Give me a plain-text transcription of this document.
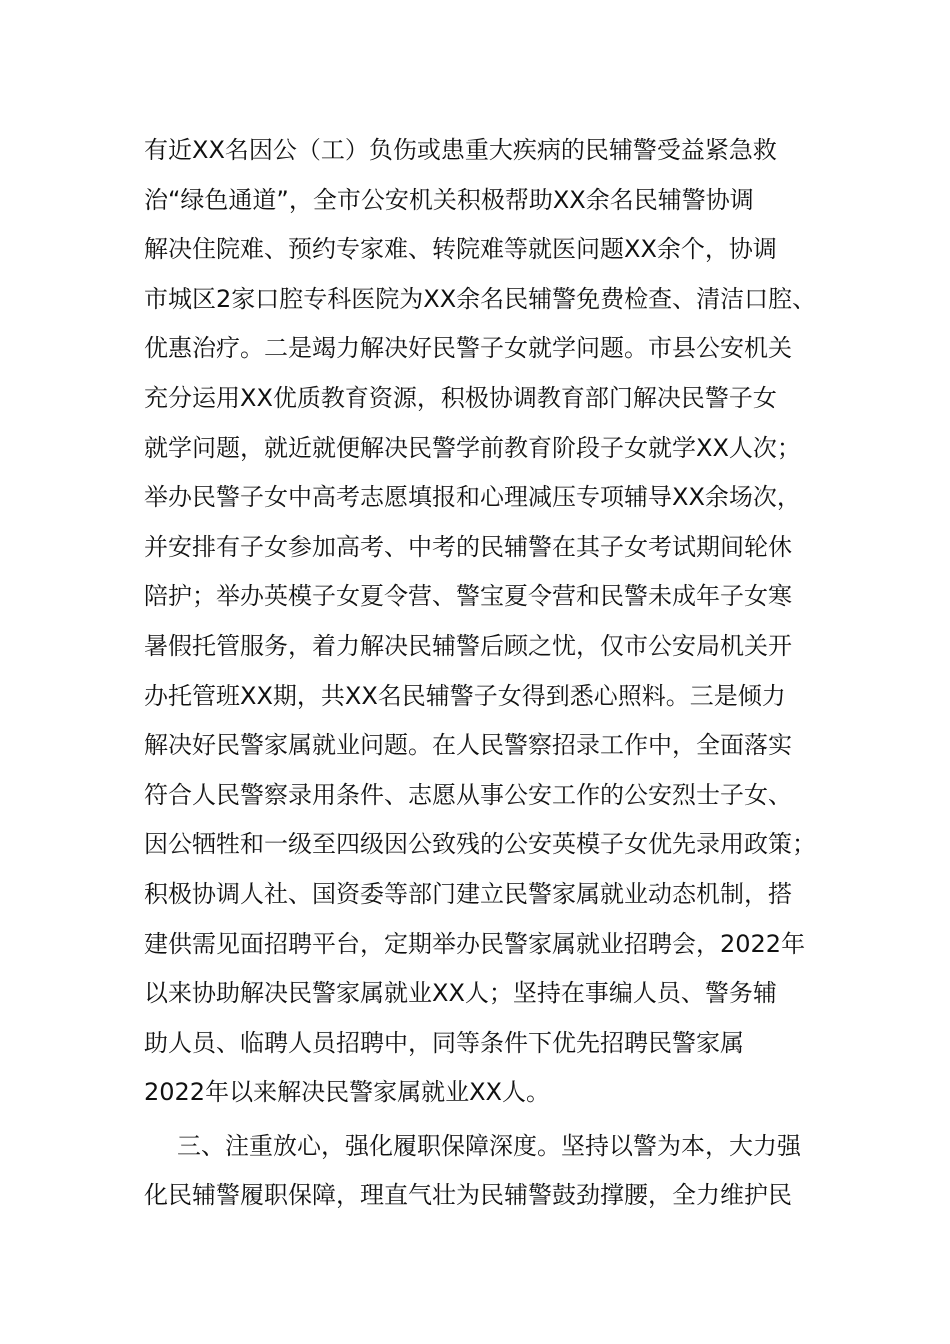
有近XX名因公（工）负伤或患重大疾病的民辅警受益紧急救
治“绿色通道”，全市公安机关积极帮助XX余名民辅警协调
解决住院难、预约专家难、转院难等就医问题XX余个，协调
市城区2家口腔专科医院为XX余名民辅警免费检查、清洁口腔、
优惠治疗。二是竭力解决好民警子女就学问题。市县公安机关
充分运用XX优质教育资源，积极协调教育部门解决民警子女
就学问题，就近就便解决民警学前教育阶段子女就学XX人次；
举办民警子女中高考志愿填报和心理减压专项辅导XX余场次，
并安排有子女参加高考、中考的民辅警在其子女考试期间轮休
陪护；举办英模子女夏令营、警宝夏令营和民警未成年子女寒
暑假托管服务，着力解决民辅警后顾之忧，仅市公安局机关开
办托管班XX期，共XX名民辅警子女得到悉心照料。三是倾力
解决好民警家属就业问题。在人民警察招录工作中，全面落实
符合人民警察录用条件、志愿从事公安工作的公安烈士子女、
因公牺牲和一级至四级因公致残的公安英模子女优先录用政策；
积极协调人社、国资委等部门建立民警家属就业动态机制，搭
建供需见面招聘平台，定期举办民警家属就业招聘会，2022年
以来协助解决民警家属就业XX人；坚持在事编人员、警务辅
助人员、临聘人员招聘中，同等条件下优先招聘民警家属
2022年以来解决民警家属就业XX人。
三、注重放心，强化履职保障深度。坚持以警为本，大力强
化民辅警履职保障，理直气壮为民辅警鼓劲撑腰，全力维护民
